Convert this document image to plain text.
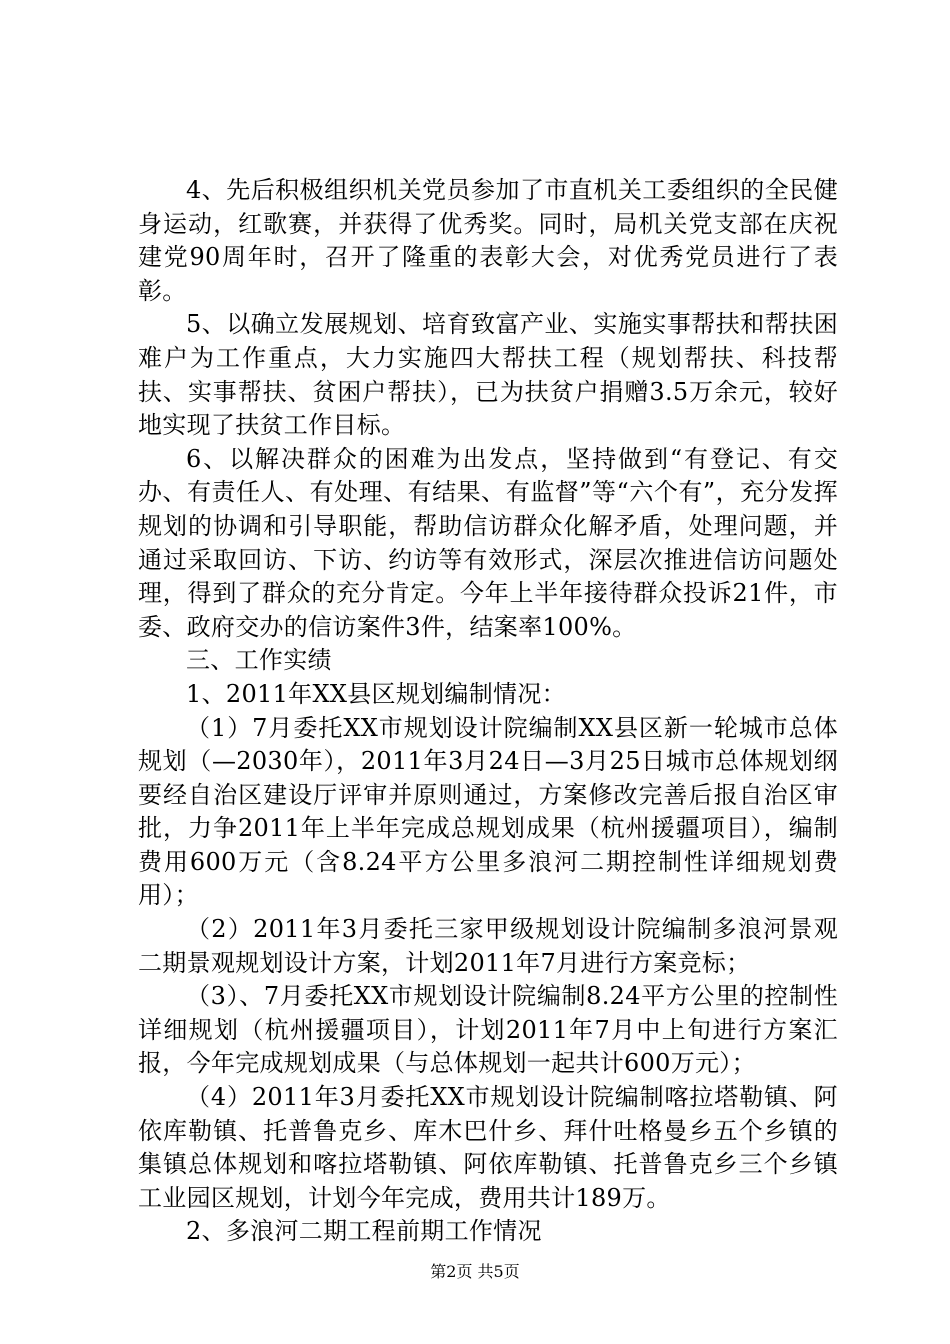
4、先后积极组织机关党员参加了市直机关工委组织的全民健身运动，红歌赛，并获得了优秀奖。同时，局机关党支部在庆祝建党90周年时，召开了隆重的表彰大会，对优秀党员进行了表彰。

5、以确立发展规划、培育致富产业、实施实事帮扶和帮扶困难户为工作重点，大力实施四大帮扶工程（规划帮扶、科技帮扶、实事帮扶、贫困户帮扶），已为扶贫户捐赠3.5万余元，较好地实现了扶贫工作目标。

6、以解决群众的困难为出发点，坚持做到“有登记、有交办、有责任人、有处理、有结果、有监督”等“六个有”，充分发挥规划的协调和引导职能，帮助信访群众化解矛盾，处理问题，并通过采取回访、下访、约访等有效形式，深层次推进信访问题处理，得到了群众的充分肯定。今年上半年接待群众投诉21件，市委、政府交办的信访案件3件，结案率100%。

三、工作实绩

1、2011年XX县区规划编制情况：

（1）7月委托XX市规划设计院编制XX县区新一轮城市总体规划（—2030年），2011年3月24日—3月25日城市总体规划纲要经自治区建设厅评审并原则通过，方案修改完善后报自治区审批，力争2011年上半年完成总规划成果（杭州援疆项目），编制费用600万元（含8.24平方公里多浪河二期控制性详细规划费用）；

（2）2011年3月委托三家甲级规划设计院编制多浪河景观二期景观规划设计方案，计划2011年7月进行方案竞标；

（3）、7月委托XX市规划设计院编制8.24平方公里的控制性详细规划（杭州援疆项目），计划2011年7月中上旬进行方案汇报，今年完成规划成果（与总体规划一起共计600万元）；

（4）2011年3月委托XX市规划设计院编制喀拉塔勒镇、阿依库勒镇、托普鲁克乡、库木巴什乡、拜什吐格曼乡五个乡镇的集镇总体规划和喀拉塔勒镇、阿依库勒镇、托普鲁克乡三个乡镇工业园区规划，计划今年完成，费用共计189万。

2、多浪河二期工程前期工作情况

第2页 共5页
